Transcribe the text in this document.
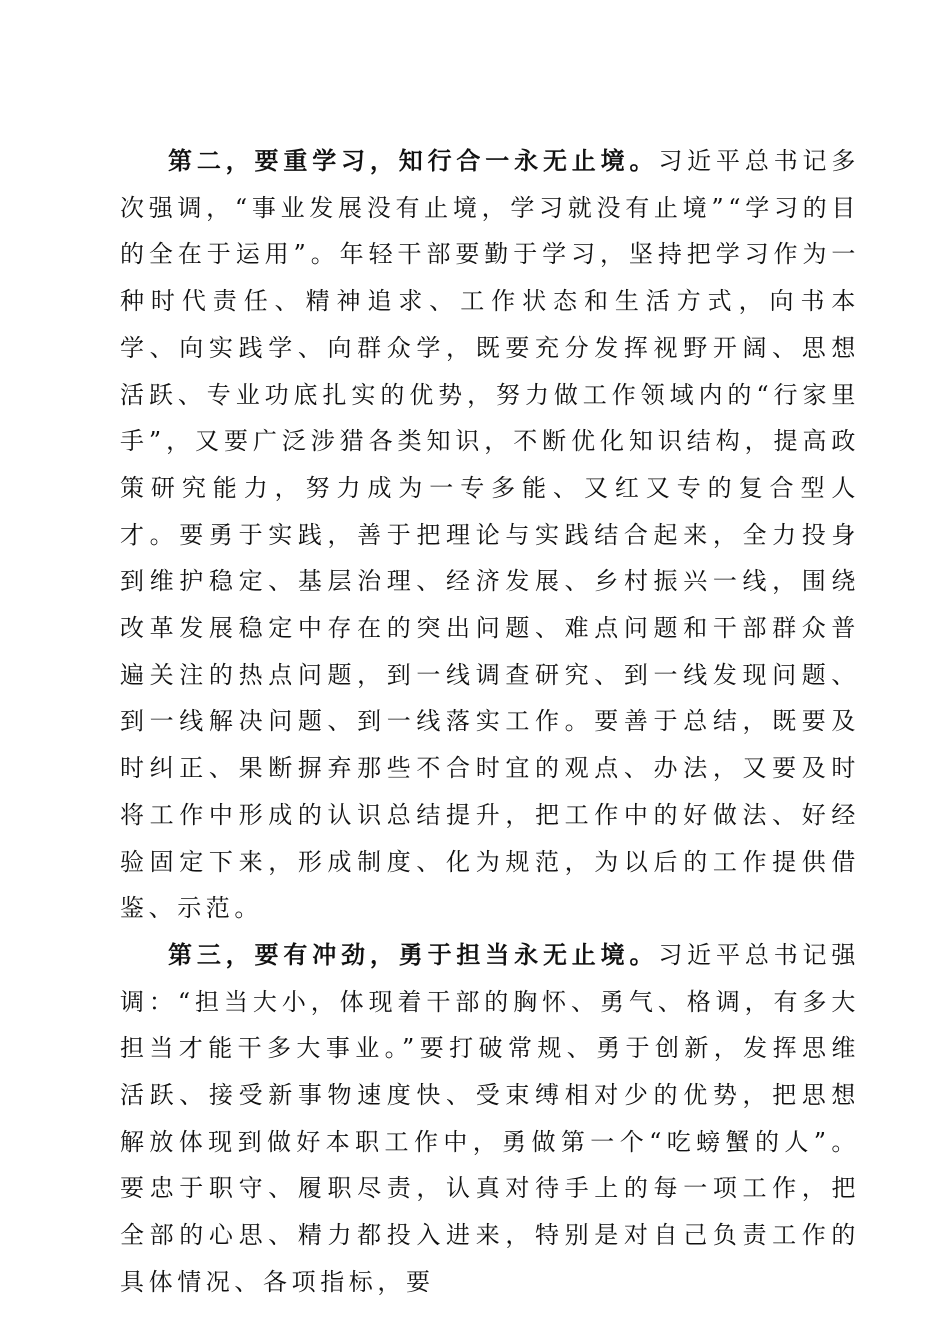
第二，要重学习，知行合一永无止境。习近平总书记多次强调，“事业发展没有止境，学习就没有止境”“学习的目的全在于运用”。年轻干部要勤于学习，坚持把学习作为一种时代责任、精神追求、工作状态和生活方式，向书本学、向实践学、向群众学，既要充分发挥视野开阔、思想活跃、专业功底扎实的优势，努力做工作领域内的“行家里手”，又要广泛涉猎各类知识，不断优化知识结构，提高政策研究能力，努力成为一专多能、又红又专的复合型人才。要勇于实践，善于把理论与实践结合起来，全力投身到维护稳定、基层治理、经济发展、乡村振兴一线，围绕改革发展稳定中存在的突出问题、难点问题和干部群众普遍关注的热点问题，到一线调查研究、到一线发现问题、到一线解决问题、到一线落实工作。要善于总结，既要及时纠正、果断摒弃那些不合时宜的观点、办法，又要及时将工作中形成的认识总结提升，把工作中的好做法、好经验固定下来，形成制度、化为规范，为以后的工作提供借鉴、示范。

第三，要有冲劲，勇于担当永无止境。习近平总书记强调：“担当大小，体现着干部的胸怀、勇气、格调，有多大担当才能干多大事业。”要打破常规、勇于创新，发挥思维活跃、接受新事物速度快、受束缚相对少的优势，把思想解放体现到做好本职工作中，勇做第一个“吃螃蟹的人”。要忠于职守、履职尽责，认真对待手上的每一项工作，把全部的心思、精力都投入进来，特别是对自己负责工作的具体情况、各项指标，要
